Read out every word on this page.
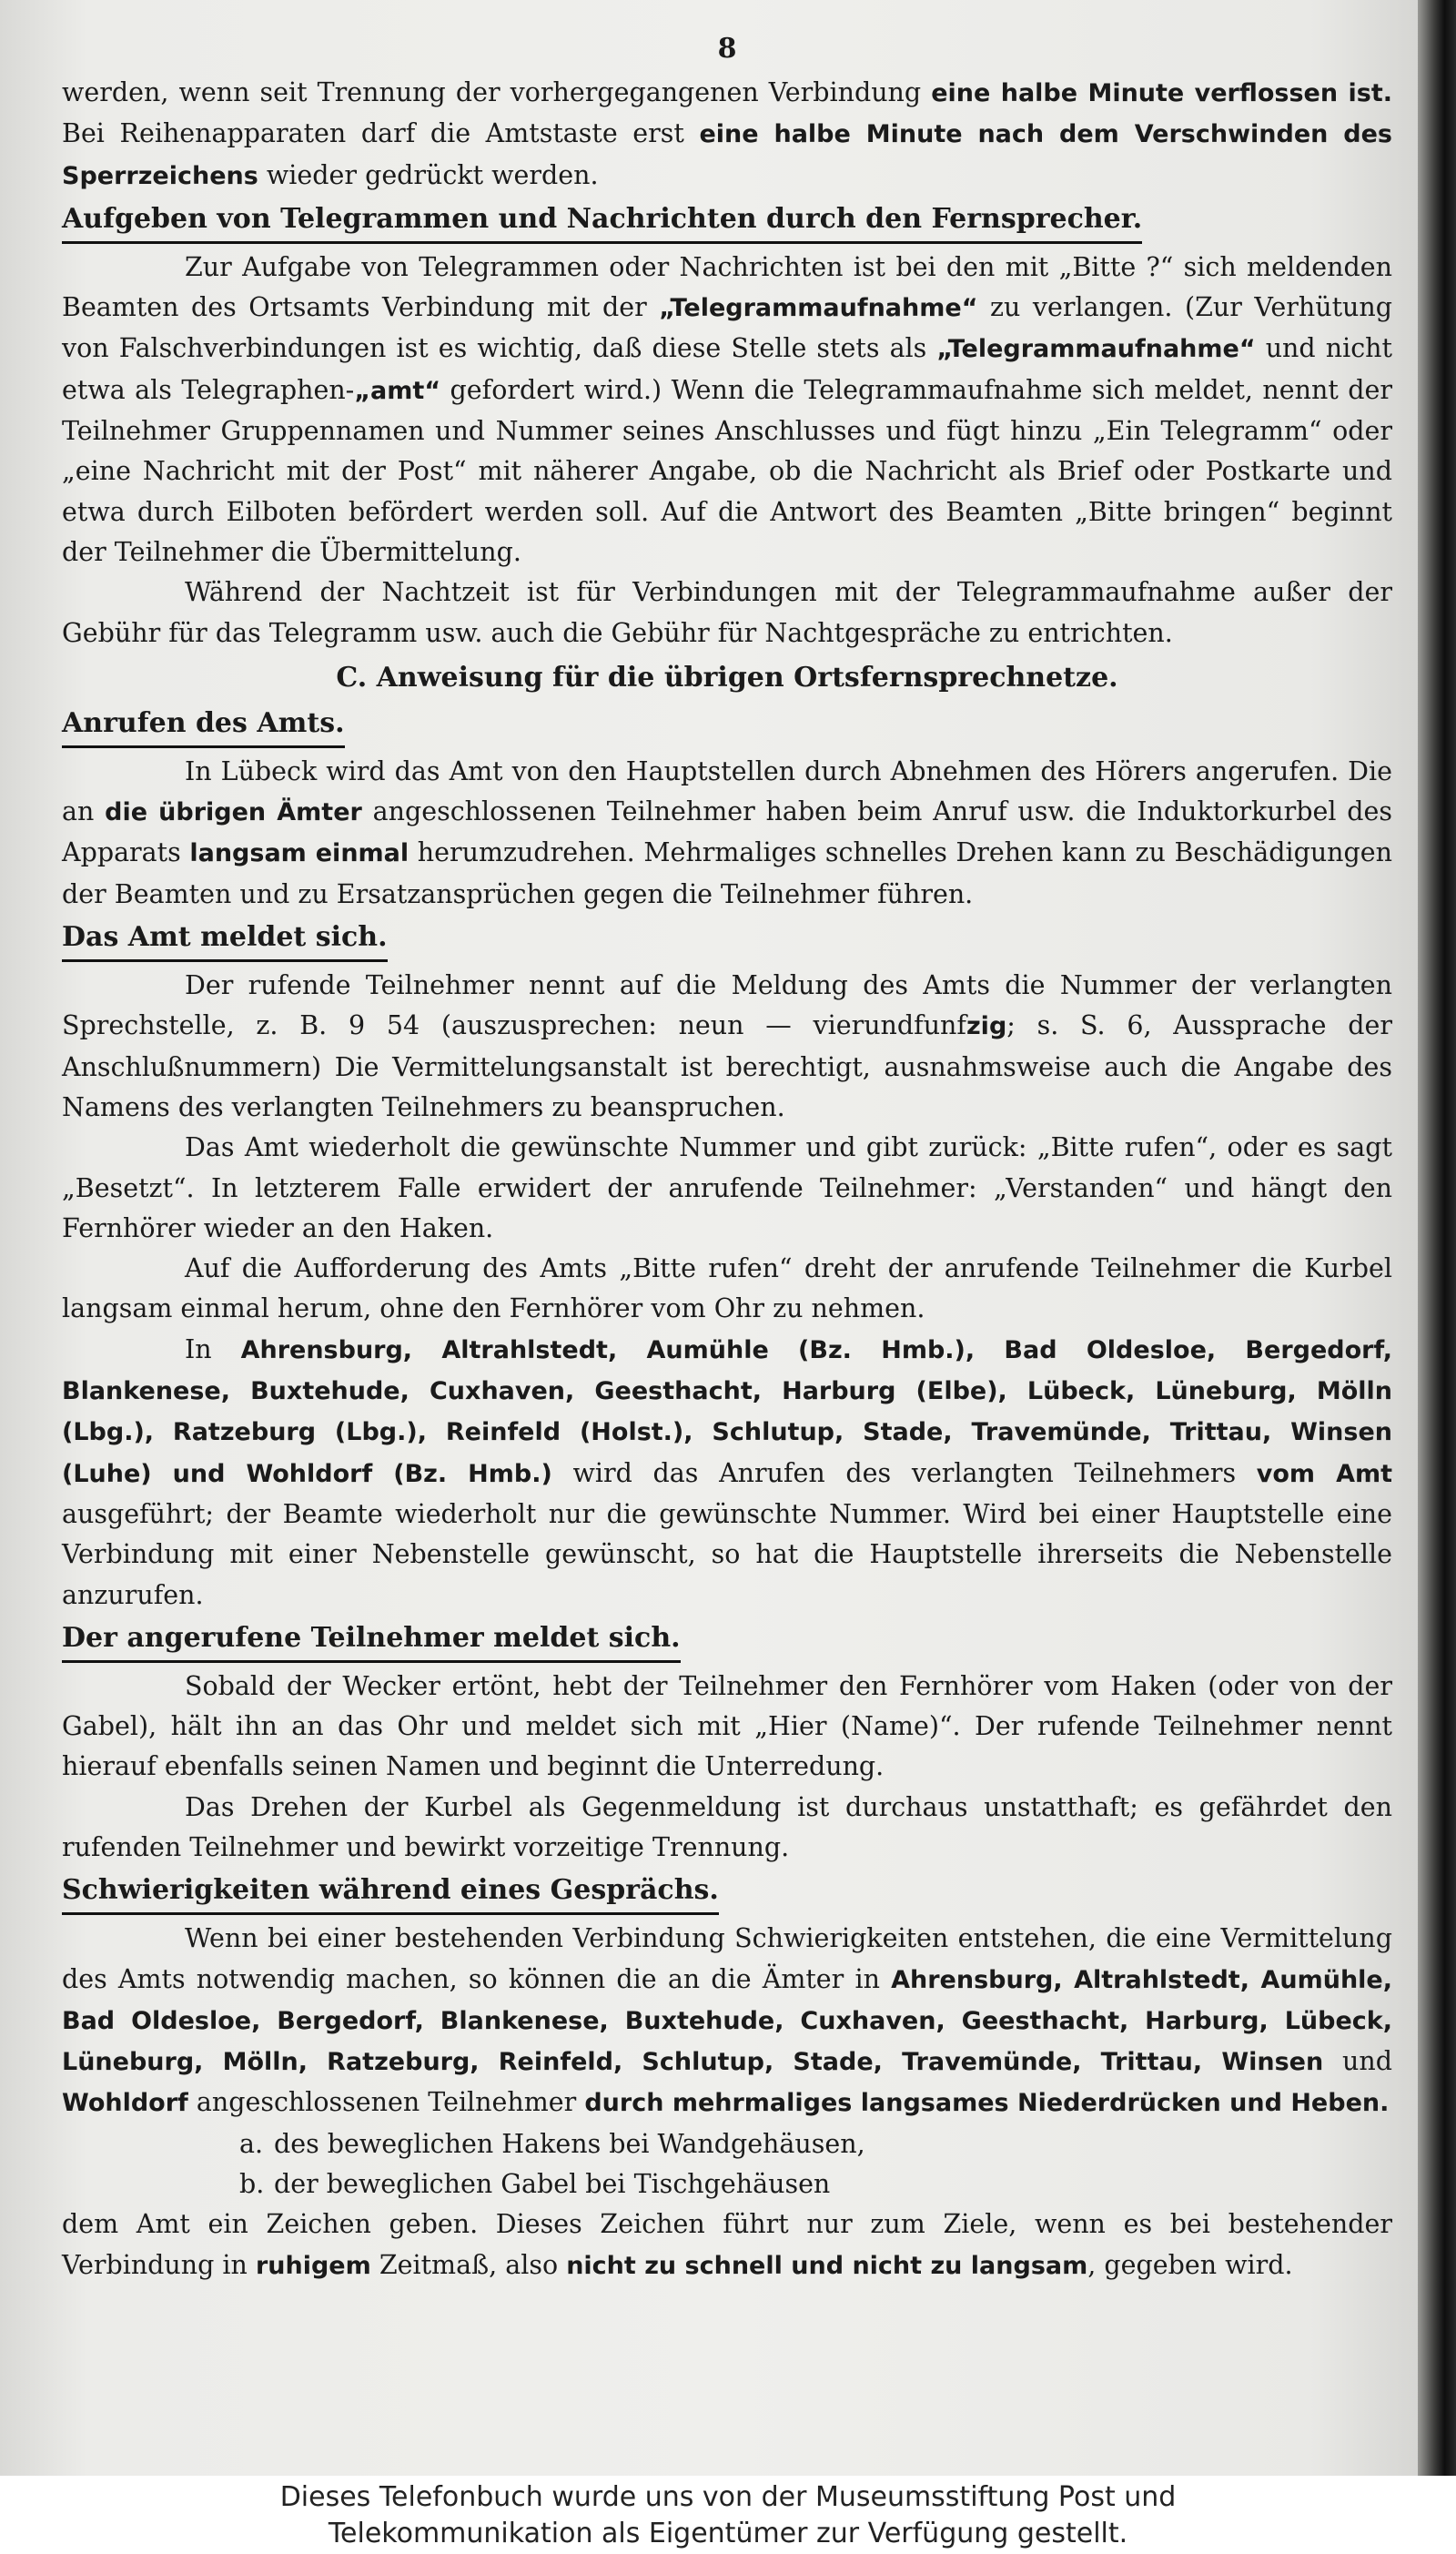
8

werden, wenn seit Trennung der vorhergegangenen Verbindung eine halbe Minute verflossen ist. Bei Reihenapparaten darf die Amtstaste erst eine halbe Minute nach dem Verschwinden des Sperrzeichens wieder gedrückt werden.

Aufgeben von Telegrammen und Nachrichten durch den Fernsprecher.

Zur Aufgabe von Telegrammen oder Nachrichten ist bei den mit „Bitte ?“ sich meldenden Beamten des Ortsamts Verbindung mit der „Telegrammaufnahme“ zu verlangen. (Zur Verhütung von Falschverbindungen ist es wichtig, daß diese Stelle stets als „Telegrammaufnahme“ und nicht etwa als Telegraphen-„amt“ gefordert wird.) Wenn die Telegrammaufnahme sich meldet, nennt der Teilnehmer Gruppennamen und Nummer seines Anschlusses und fügt hinzu „Ein Telegramm“ oder „eine Nachricht mit der Post“ mit näherer Angabe, ob die Nachricht als Brief oder Postkarte und etwa durch Eilboten befördert werden soll. Auf die Antwort des Beamten „Bitte bringen“ beginnt der Teilnehmer die Übermittelung.

Während der Nachtzeit ist für Verbindungen mit der Telegrammaufnahme außer der Gebühr für das Telegramm usw. auch die Gebühr für Nachtgespräche zu entrichten.

C. Anweisung für die übrigen Ortsfernsprechnetze.
Anrufen des Amts.

In Lübeck wird das Amt von den Hauptstellen durch Abnehmen des Hörers angerufen. Die an die übrigen Ämter angeschlossenen Teilnehmer haben beim Anruf usw. die Induktorkurbel des Apparats langsam einmal herumzudrehen. Mehrmaliges schnelles Drehen kann zu Beschädigungen der Beamten und zu Ersatzansprüchen gegen die Teilnehmer führen.

Das Amt meldet sich.

Der rufende Teilnehmer nennt auf die Meldung des Amts die Nummer der verlangten Sprechstelle, z. B. 9 54 (auszusprechen: neun — vierundfunfzig; s. S. 6, Aussprache der Anschlußnummern) Die Vermittelungsanstalt ist berechtigt, ausnahmsweise auch die Angabe des Namens des verlangten Teilnehmers zu beanspruchen.

Das Amt wiederholt die gewünschte Nummer und gibt zurück: „Bitte rufen“, oder es sagt „Besetzt“. In letzterem Falle erwidert der anrufende Teilnehmer: „Verstanden“ und hängt den Fernhörer wieder an den Haken.

Auf die Aufforderung des Amts „Bitte rufen“ dreht der anrufende Teilnehmer die Kurbel langsam einmal herum, ohne den Fernhörer vom Ohr zu nehmen.

In Ahrensburg, Altrahlstedt, Aumühle (Bz. Hmb.), Bad Oldesloe, Bergedorf, Blankenese, Buxtehude, Cuxhaven, Geesthacht, Harburg (Elbe), Lübeck, Lüneburg, Mölln (Lbg.), Ratzeburg (Lbg.), Reinfeld (Holst.), Schlutup, Stade, Travemünde, Trittau, Winsen (Luhe) und Wohldorf (Bz. Hmb.) wird das Anrufen des verlangten Teilnehmers vom Amt ausgeführt; der Beamte wiederholt nur die gewünschte Nummer. Wird bei einer Hauptstelle eine Verbindung mit einer Nebenstelle gewünscht, so hat die Hauptstelle ihrerseits die Nebenstelle anzurufen.

Der angerufene Teilnehmer meldet sich.

Sobald der Wecker ertönt, hebt der Teilnehmer den Fernhörer vom Haken (oder von der Gabel), hält ihn an das Ohr und meldet sich mit „Hier (Name)“. Der rufende Teilnehmer nennt hierauf ebenfalls seinen Namen und beginnt die Unterredung.

Das Drehen der Kurbel als Gegenmeldung ist durchaus unstatthaft; es gefährdet den rufenden Teilnehmer und bewirkt vorzeitige Trennung.

Schwierigkeiten während eines Gesprächs.

Wenn bei einer bestehenden Verbindung Schwierigkeiten entstehen, die eine Vermittelung des Amts notwendig machen, so können die an die Ämter in Ahrensburg, Altrahlstedt, Aumühle, Bad Oldesloe, Bergedorf, Blankenese, Buxtehude, Cuxhaven, Geesthacht, Harburg, Lübeck, Lüneburg, Mölln, Ratzeburg, Reinfeld, Schlutup, Stade, Travemünde, Trittau, Winsen und Wohldorf angeschlossenen Teilnehmer durch mehrmaliges langsames Niederdrücken und Heben.

a. des beweglichen Hakens bei Wandgehäusen,

b. der beweglichen Gabel bei Tischgehäusen

dem Amt ein Zeichen geben. Dieses Zeichen führt nur zum Ziele, wenn es bei bestehender Verbindung in ruhigem Zeitmaß, also nicht zu schnell und nicht zu langsam, gegeben wird.

Dieses Telefonbuch wurde uns von der Museumsstiftung Post und
Telekommunikation als Eigentümer zur Verfügung gestellt.
